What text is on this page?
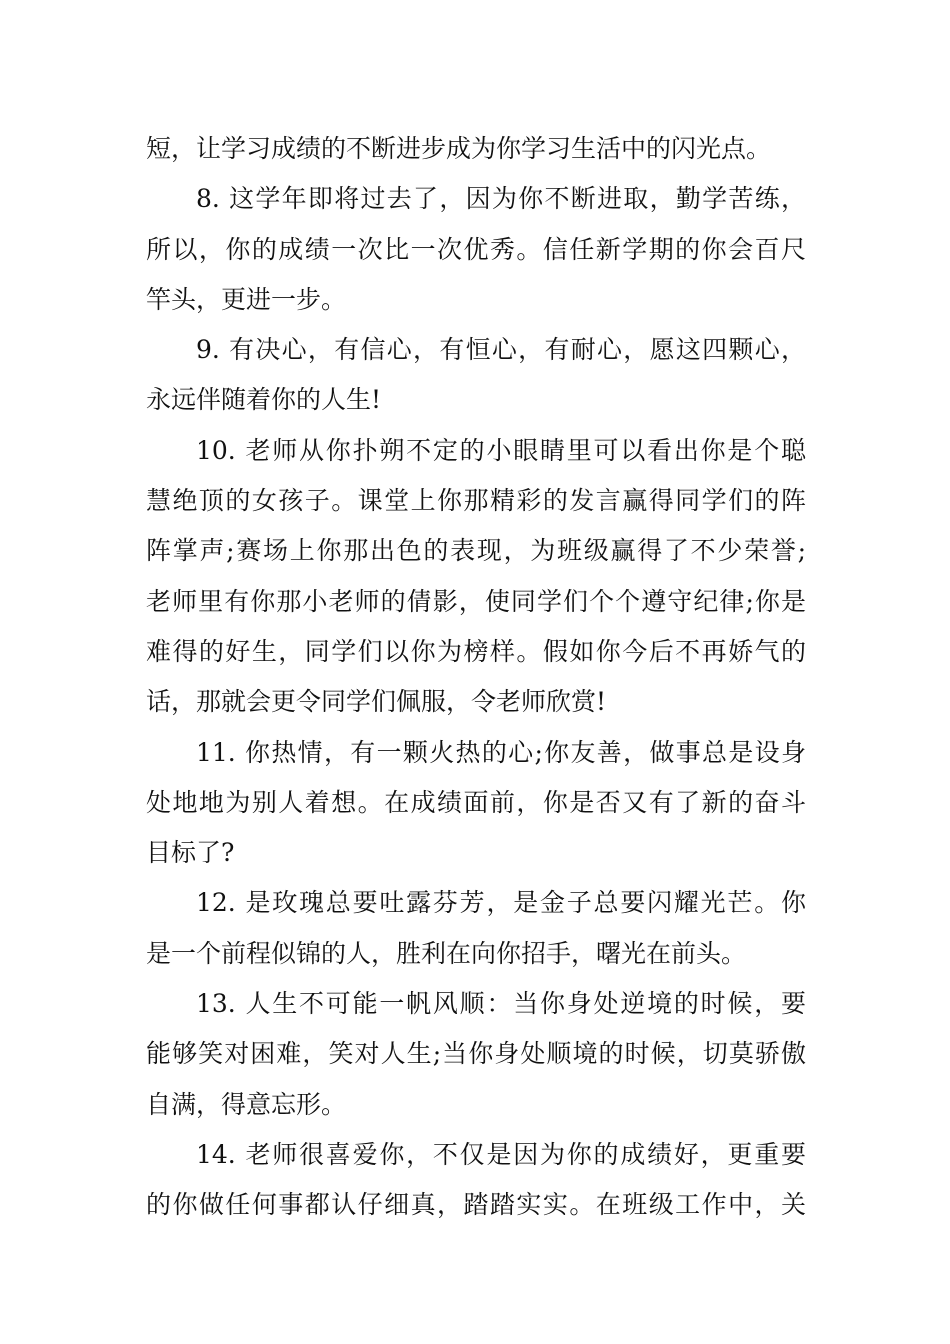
短，让学习成绩的不断进步成为你学习生活中的闪光点。
8. 这学年即将过去了，因为你不断进取，勤学苦练，
所以，你的成绩一次比一次优秀。信任新学期的你会百尺
竿头，更进一步。
9. 有决心，有信心，有恒心，有耐心，愿这四颗心，
永远伴随着你的人生!
10. 老师从你扑朔不定的小眼睛里可以看出你是个聪
慧绝顶的女孩子。课堂上你那精彩的发言赢得同学们的阵
阵掌声;赛场上你那出色的表现，为班级赢得了不少荣誉;
老师里有你那小老师的倩影，使同学们个个遵守纪律;你是
难得的好生，同学们以你为榜样。假如你今后不再娇气的
话，那就会更令同学们佩服，令老师欣赏!
11. 你热情，有一颗火热的心;你友善，做事总是设身
处地地为别人着想。在成绩面前，你是否又有了新的奋斗
目标了?
12. 是玫瑰总要吐露芬芳，是金子总要闪耀光芒。你
是一个前程似锦的人，胜利在向你招手，曙光在前头。
13. 人生不可能一帆风顺：当你身处逆境的时候，要
能够笑对困难，笑对人生;当你身处顺境的时候，切莫骄傲
自满，得意忘形。
14. 老师很喜爱你，不仅是因为你的成绩好，更重要
的你做任何事都认仔细真，踏踏实实。在班级工作中，关
